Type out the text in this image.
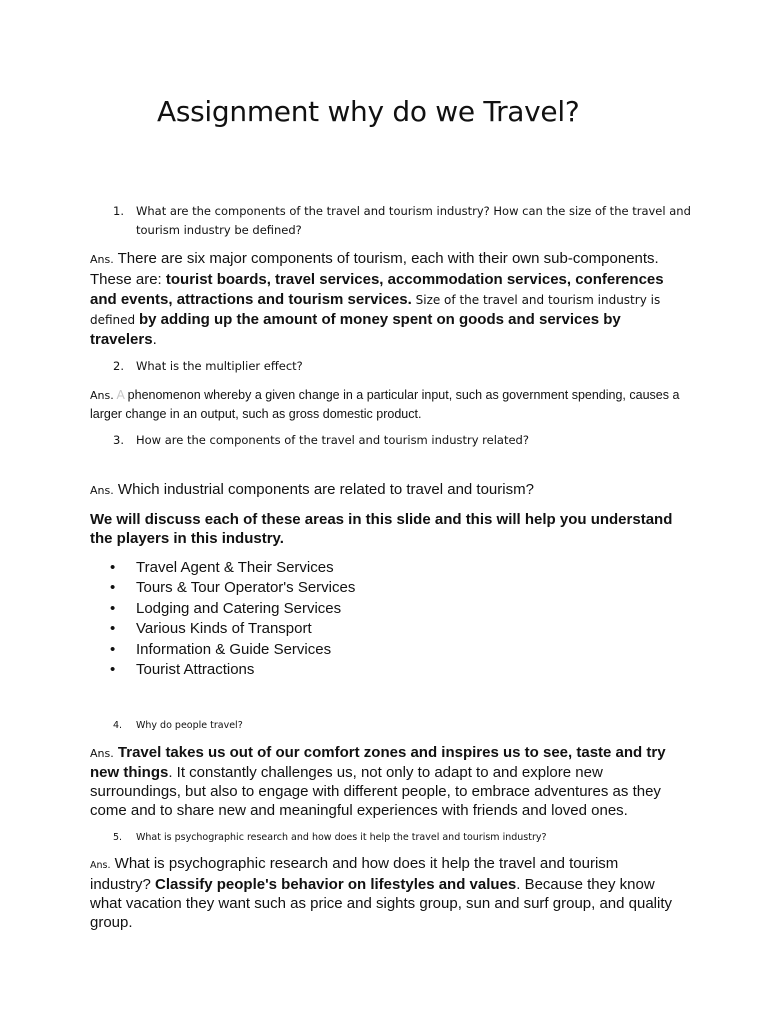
Assignment why do we Travel?
1.	What are the components of the travel and tourism industry? How can the size of the travel and tourism industry be defined?
Ans. There are six major components of tourism, each with their own sub-components. These are: tourist boards, travel services, accommodation services, conferences and events, attractions and tourism services. Size of the travel and tourism industry is defined by adding up the amount of money spent on goods and services by travelers.
2.	What is the multiplier effect?
Ans. A phenomenon whereby a given change in a particular input, such as government spending, causes a larger change in an output, such as gross domestic product.
3.	How are the components of the travel and tourism industry related?
Ans. Which industrial components are related to travel and tourism?
We will discuss each of these areas in this slide and this will help you understand the players in this industry.
• Travel Agent & Their Services
• Tours & Tour Operator's Services
• Lodging and Catering Services
• Various Kinds of Transport
• Information & Guide Services
• Tourist Attractions
4.	Why do people travel?
Ans. Travel takes us out of our comfort zones and inspires us to see, taste and try new things. It constantly challenges us, not only to adapt to and explore new surroundings, but also to engage with different people, to embrace adventures as they come and to share new and meaningful experiences with friends and loved ones.
5.	What is psychographic research and how does it help the travel and tourism industry?
Ans. What is psychographic research and how does it help the travel and tourism industry? Classify people's behavior on lifestyles and values. Because they know what vacation they want such as price and sights group, sun and surf group, and quality group.
